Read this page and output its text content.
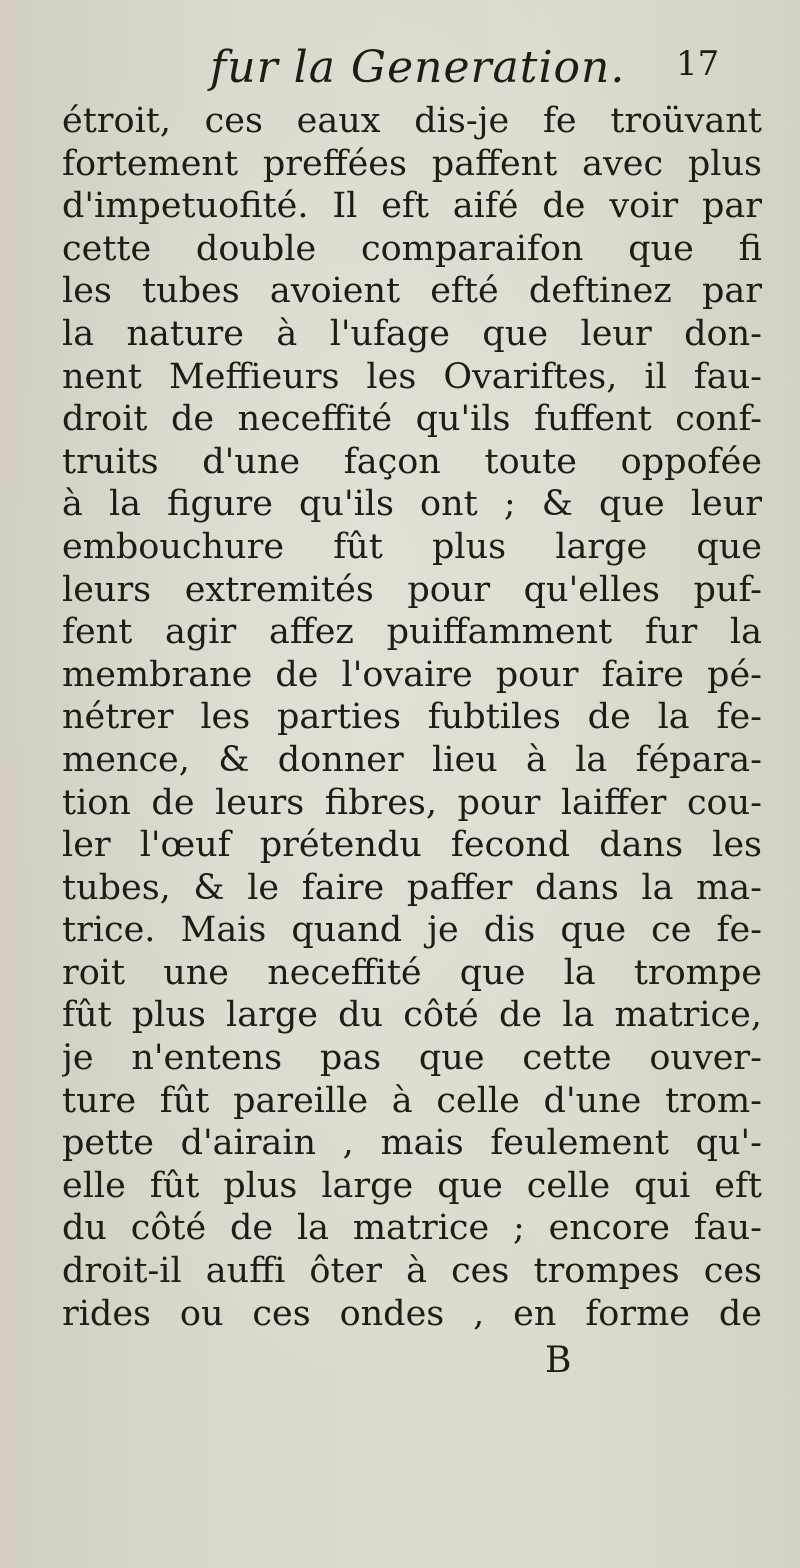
fur la Generation. 17
étroit, ces eaux dis-je fe troüvant
fortement preffées paffent avec plus
d'impetuofité. Il eft aifé de voir par
cette double comparaifon que fi
les tubes avoient efté deftinez par
la nature à l'ufage que leur don-
nent Meffieurs les Ovariftes, il fau-
droit de neceffité qu'ils fuffent conf-
truits d'une façon toute oppofée
à la figure qu'ils ont ; & que leur
embouchure fût plus large que
leurs extremités pour qu'elles puf-
fent agir affez puiffamment fur la
membrane de l'ovaire pour faire pé-
nétrer les parties fubtiles de la fe-
mence, & donner lieu à la fépara-
tion de leurs fibres, pour laiffer cou-
ler l'œuf prétendu fecond dans les
tubes, & le faire paffer dans la ma-
trice. Mais quand je dis que ce fe-
roit une neceffité que la trompe
fût plus large du côté de la matrice,
je n'entens pas que cette ouver-
ture fût pareille à celle d'une trom-
pette d'airain , mais feulement qu'-
elle fût plus large que celle qui eft
du côté de la matrice ; encore fau-
droit-il auffi ôter à ces trompes ces
rides ou ces ondes , en forme de
B
